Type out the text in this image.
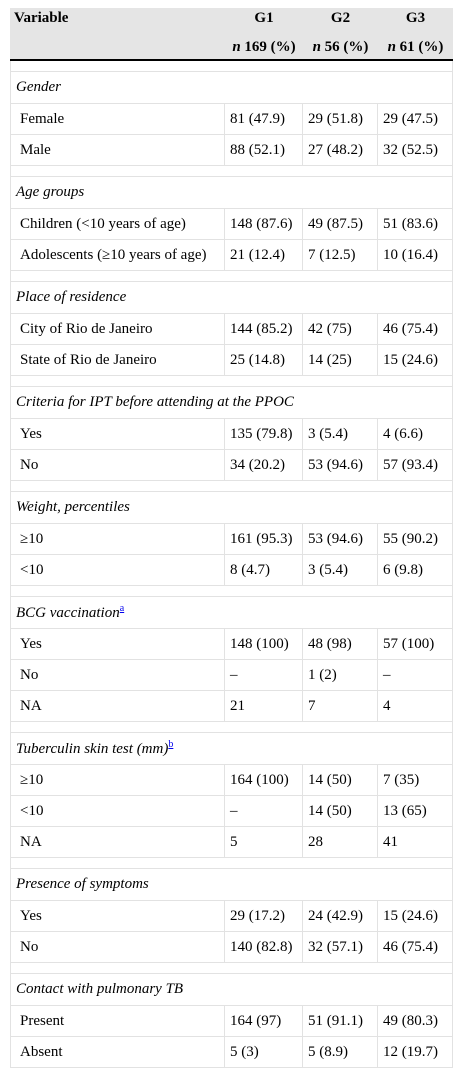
Variable	G1	G2	G3
	n 169 (%)	n 56 (%)	n 61 (%)

Gender			
Female	81 (47.9)	29 (51.8)	29 (47.5)
Male	88 (52.1)	27 (48.2)	32 (52.5)

Age groups			
Children (<10 years of age)	148 (87.6)	49 (87.5)	51 (83.6)
Adolescents (≥10 years of age)	21 (12.4)	7 (12.5)	10 (16.4)

Place of residence			
City of Rio de Janeiro	144 (85.2)	42 (75)	46 (75.4)
State of Rio de Janeiro	25 (14.8)	14 (25)	15 (24.6)

Criteria for IPT before attending at the PPOC			
Yes	135 (79.8)	3 (5.4)	4 (6.6)
No	34 (20.2)	53 (94.6)	57 (93.4)

Weight, percentiles			
≥10	161 (95.3)	53 (94.6)	55 (90.2)
<10	8 (4.7)	3 (5.4)	6 (9.8)

BCG vaccination$^a$
Yes	148 (100)	48 (98)	57 (100)
No	–	1 (2)	–
NA	21	7	4

Tuberculin skin test (mm)$^b$
≥10	164 (100)	14 (50)	7 (35)
<10	–	14 (50)	13 (65)
NA	5	28	41

Presence of symptoms			
Yes	29 (17.2)	24 (42.9)	15 (24.6)
No	140 (82.8)	32 (57.1)	46 (75.4)

Contact with pulmonary TB			
Present	164 (97)	51 (91.1)	49 (80.3)
Absent	5 (3)	5 (8.9)	12 (19.7)
